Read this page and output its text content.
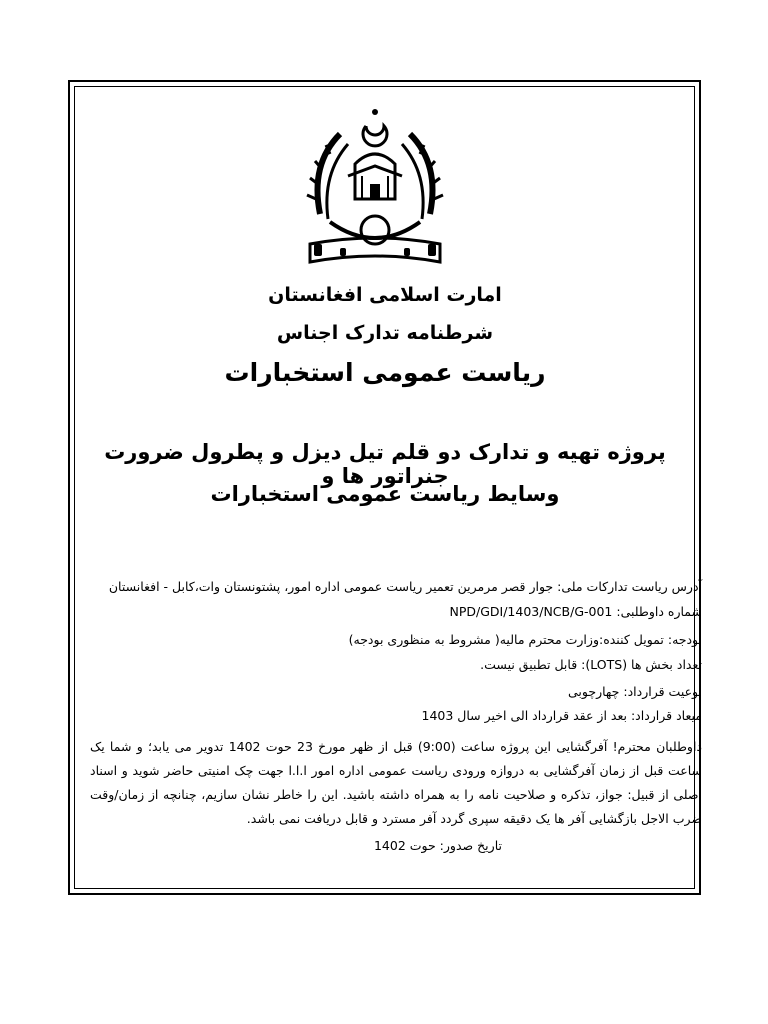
امارت اسلامی افغانستان
شرطنامه تدارک اجناس
ریاست عمومی استخبارات
پروژه تهیه و تدارک دو قلم تیل دیزل و پطرول ضرورت جنراتور ها و
وسایط ریاست عمومی استخبارات
آدرس ریاست تدارکات ملی: جوار قصر مرمرین تعمیر ریاست عمومی اداره امور، پشتونستان وات،کابل - افغانستان
شماره داوطلبی: NPD/GDI/1403/NCB/G-001
بودجه: تمویل کننده:وزارت محترم مالیه( مشروط به منظوری بودجه)
تعداد بخش ها (LOTS): قابل تطبیق نیست.
نوعیت قرارداد: چهارچوبی
میعاد قرارداد: بعد از عقد قرارداد الی اخیر سال 1403
داوطلبان محترم! آفرگشایی این پروژه ساعت (9:00) قبل از ظهر مورخ 23 حوت 1402 تدویر می یابد؛ و شما یک ساعت قبل از زمان آفرگشایی به دروازه ورودی ریاست عمومی اداره امور ا.ا.ا جهت چک امنیتی حاضر شوید و اسناد اصلی از قبیل: جواز، تذکره و صلاحیت نامه را به همراه داشته باشید. این را خاطر نشان سازیم، چنانچه از زمان/وقت ضرب الاجل بازگشایی آفر ها یک دقیقه سپری گردد آفر مسترد و قابل دریافت نمی باشد.
تاریخ صدور: حوت 1402
